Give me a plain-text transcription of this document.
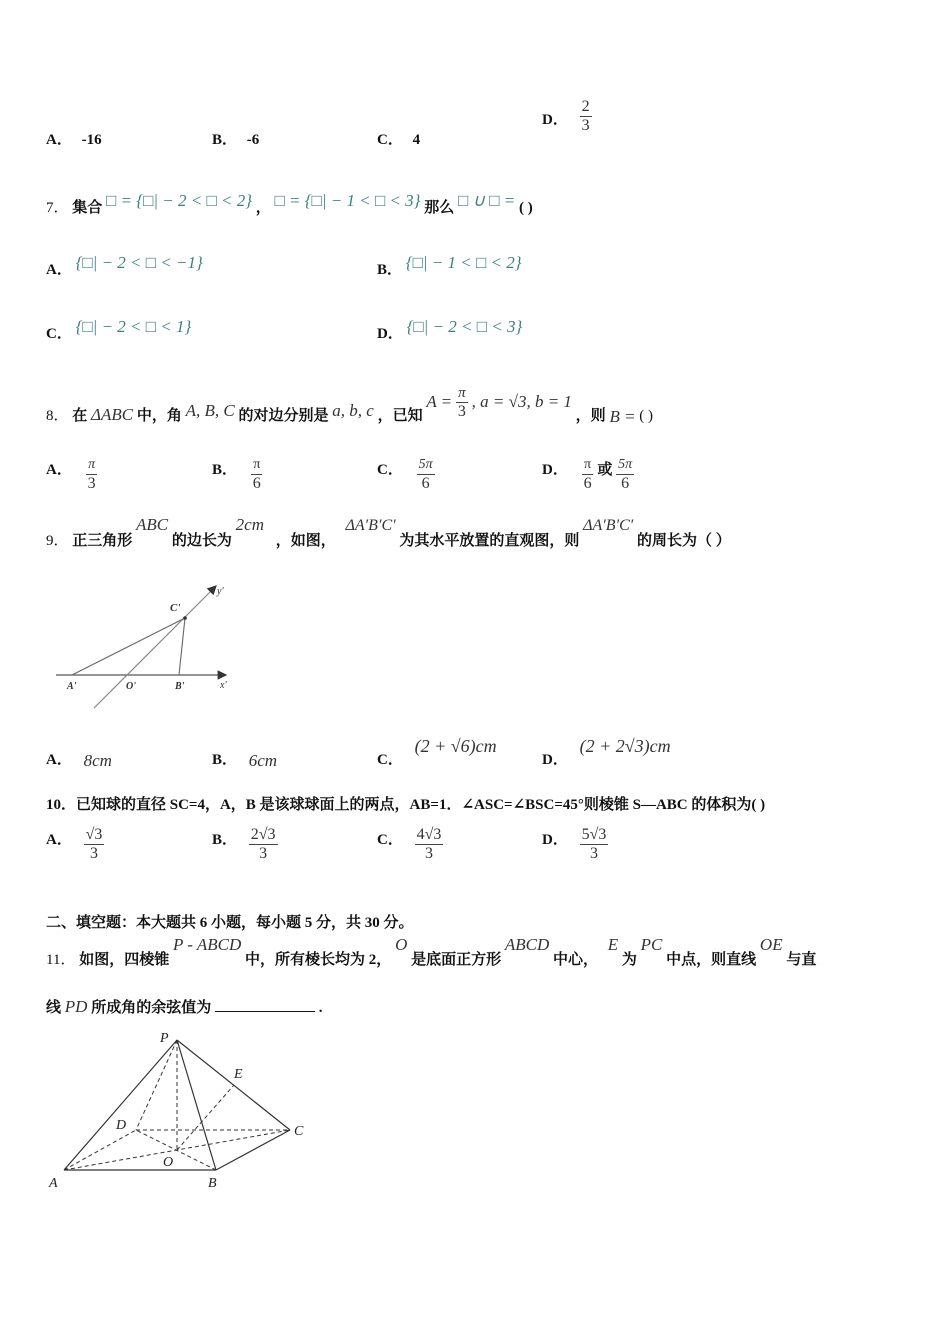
A． -16	B． -6	C． 4
D． $\frac{2}{3}$
7． 集合 □ = {□| − 2 < □ < 2} ， □ = {□| − 1 < □ < 3} 那么 □ ∪ □ = ( )
A． {□| − 2 < □ < −1}	B． {□| − 1 < □ < 2}
C． {□| − 2 < □ < 1}	D． {□| − 2 < □ < 3}
8． 在 ΔABC 中，角 A, B, C 的对边分别是 a, b, c ，已知 $A = \frac{\pi}{3}$ , a = √3, b = 1 ，则 B = ( )
A． $\frac{\pi}{3}$	B． $\frac{\pi}{6}$	C． $\frac{5\pi}{6}$	D． $\frac{\pi}{6}$ 或 $\frac{5\pi}{6}$
9． 正三角形 ABC 的边长为 2cm ，如图， ΔA′B′C′ 为其水平放置的直观图，则 ΔA′B′C′ 的周长为（ ）
C'
y'
A'	O'	B'	x'
A． 8cm	B． 6cm	C． (2 + √6)cm
D． (2 + 2√3)cm
10．已知球的直径 SC=4，A，B 是该球球面上的两点，AB=1．∠ASC=∠BSC=45°则棱锥 S—ABC 的体积为( )
A． $\frac{√3}{3}$	B． $\frac{2√3}{3}$	C． $\frac{4√3}{3}$	D． $\frac{5√3}{3}$
二、填空题：本大题共 6 小题，每小题 5 分，共 30 分。
11． 如图，四棱锥 P - ABCD 中，所有棱长均为 2， O 是底面正方形 ABCD 中心， E 为 PC 中点，则直线 OE 与直
线 PD 所成角的余弦值为	.
P
E
D	C
O
A	B
